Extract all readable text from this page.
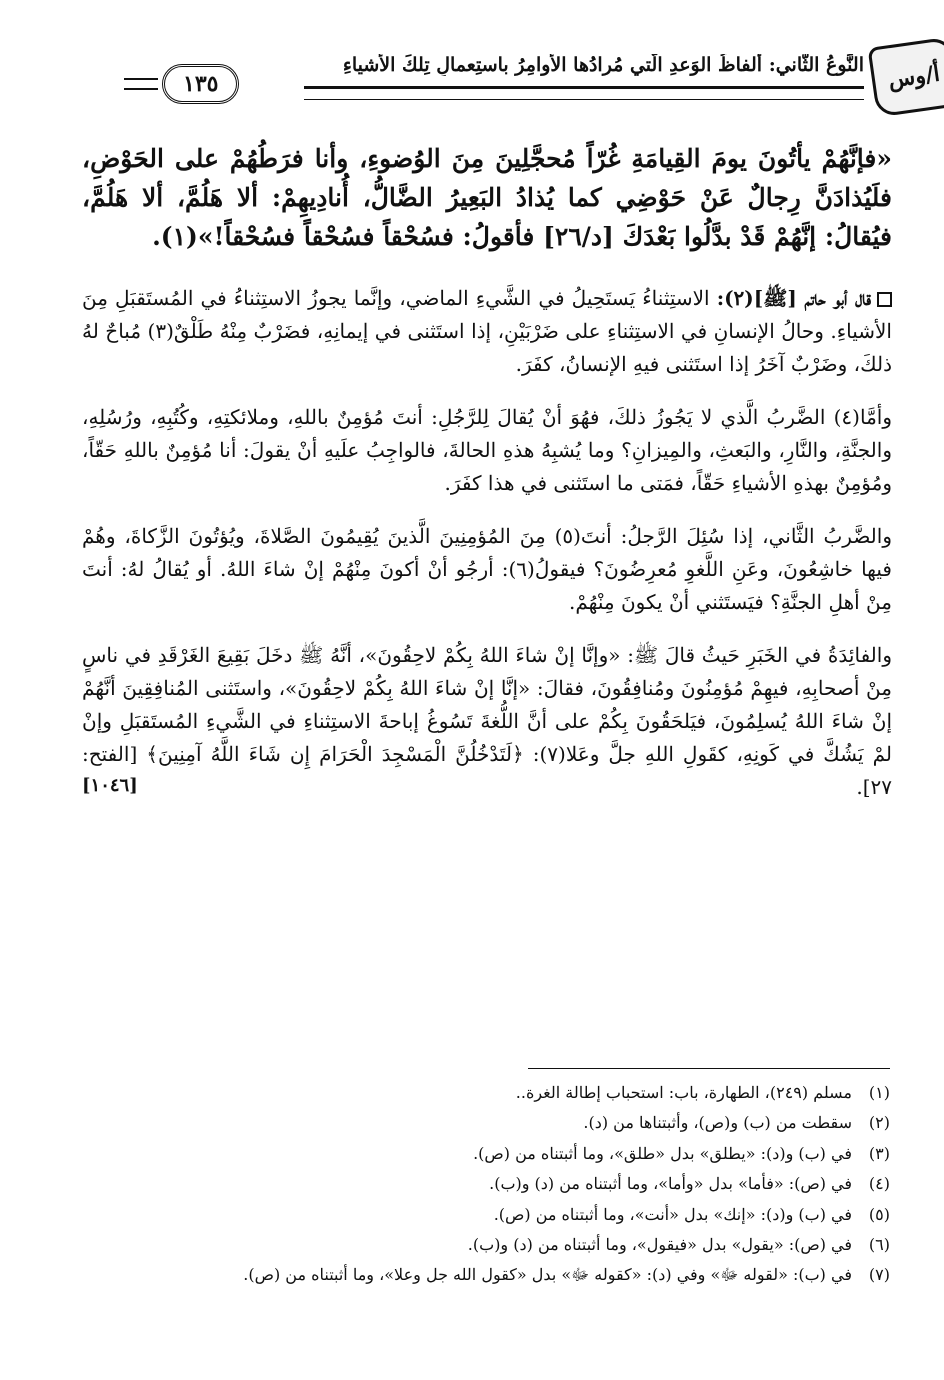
أ/وس
النَّوعُ الثَّاني: ألفاظُ الوَعدِ الَّتي مُرادُها الأوامِرُ باستِعمالِ تِلكَ الأشياءِ
١٣٥

«فإنَّهُمْ يأتُونَ يومَ القِيامَةِ غُرّاً مُحجَّلِينَ مِنَ الوُضوءِ، وأنا فرَطُهُمْ على الحَوْضِ، فلَيُذادَنَّ رِجالٌ عَنْ حَوْضِي كما يُذادُ البَعِيرُ الضَّالُّ، أُنادِيهِمْ: ألا هَلُمَّ، ألا هَلُمَّ، فيُقالُ: إنَّهُمْ قَدْ بدَّلُوا بَعْدَكَ [د/٢٦] فأقولُ: فسُحْقاً فسُحْقاً فسُحْقاً!»(١).

قال أبو حاتم [ﷺ](٢): الاستِثناءُ يَستَحِيلُ في الشَّيءِ الماضي، وإنَّما يجوزُ الاستِثناءُ في المُستَقبَلِ مِنَ الأشياءِ. وحالُ الإنسانِ في الاستِثناءِ على ضَرْبَيْنِ، إذا استَثنى في إيمانِهِ، فضَرْبٌ مِنْهُ طَلْقٌ(٣) مُباحٌ لهُ ذلكَ، وضَرْبٌ آخَرُ إذا استَثنى فيهِ الإنسانُ، كفَرَ.

وأمَّا(٤) الضَّربُ الَّذي لا يَجُوزُ ذلكَ، فهُوَ أنْ يُقالَ لِلرَّجُلِ: أنتَ مُؤمِنٌ باللهِ، وملائكتِهِ، وكُتُبِهِ، ورُسُلِهِ، والجنَّةِ، والنَّارِ، والبَعثِ، والمِيزانِ؟ وما يُشبِهُ هذهِ الحالةَ، فالواجِبُ علَيهِ أنْ يقولَ: أنا مُؤمِنٌ باللهِ حَقّاً، ومُؤمِنٌ بهذهِ الأشياءِ حَقّاً، فمَتى ما استَثنى في هذا كفَرَ.

والضَّربُ الثَّاني، إذا سُئِلَ الرَّجلُ: أنتَ(٥) مِنَ المُؤمِنِينَ الَّذينَ يُقِيمُونَ الصَّلاةَ، ويُؤتُونَ الزَّكاةَ، وهُمْ فيها خاشِعُونَ، وعَنِ اللَّغوِ مُعرِضُونَ؟ فيقولُ(٦): أرجُو أنْ أكونَ مِنْهُمْ إنْ شاءَ اللهُ. أو يُقالُ لهُ: أنتَ مِنْ أهلِ الجنَّةِ؟ فيَستَثني أنْ يكونَ مِنْهُمْ.

والفائِدَةُ في الخَبَرِ حَيثُ قالَ ﷺ: «وإنَّا إنْ شاءَ اللهُ بِكُمْ لاحِقُونَ»، أنَّهُ ﷺ دخَلَ بَقِيعَ الغَرْقَدِ في ناسٍ مِنْ أصحابِهِ، فيهِمْ مُؤمِنُونَ ومُنافِقُونَ، فقالَ: «إنَّا إنْ شاءَ اللهُ بِكُمْ لاحِقُونَ»، واستَثنى المُنافِقِينَ أنَّهُمْ إنْ شاءَ اللهُ يُسلِمُونَ، فيَلحَقُونَ بِكُمْ على أنَّ اللُّغةَ تَسُوغُ إباحةَ الاستِثناءِ في الشَّيءِ المُستَقبَلِ وإنْ لمْ يَشُكَّ في كَونِهِ، كقَولِ اللهِ جلَّ وعَلا(٧): ﴿لَتَدْخُلُنَّ الْمَسْجِدَ الْحَرَامَ إِن شَاءَ اللَّهُ آمِنِينَ﴾ [الفتح: ٢٧].
[١٠٤٦]

(١)مسلم (٢٤٩)، الطهارة، باب: استحباب إطالة الغرة..

(٢)سقطت من (ب) و(ص)، وأثبتناها من (د).

(٣)في (ب) و(د): «يطلق» بدل «طلق»، وما أثبتناه من (ص).

(٤)في (ص): «فأما» بدل «وأما»، وما أثبتناه من (د) و(ب).

(٥)في (ب) و(د): «إنك» بدل «أنت»، وما أثبتناه من (ص).

(٦)في (ص): «يقول» بدل «فيقول»، وما أثبتناه من (د) و(ب).

(٧)في (ب): «لقوله ﷻ» وفي (د): «كقوله ﷻ» بدل «كقول الله جل وعلا»، وما أثبتناه من (ص).
